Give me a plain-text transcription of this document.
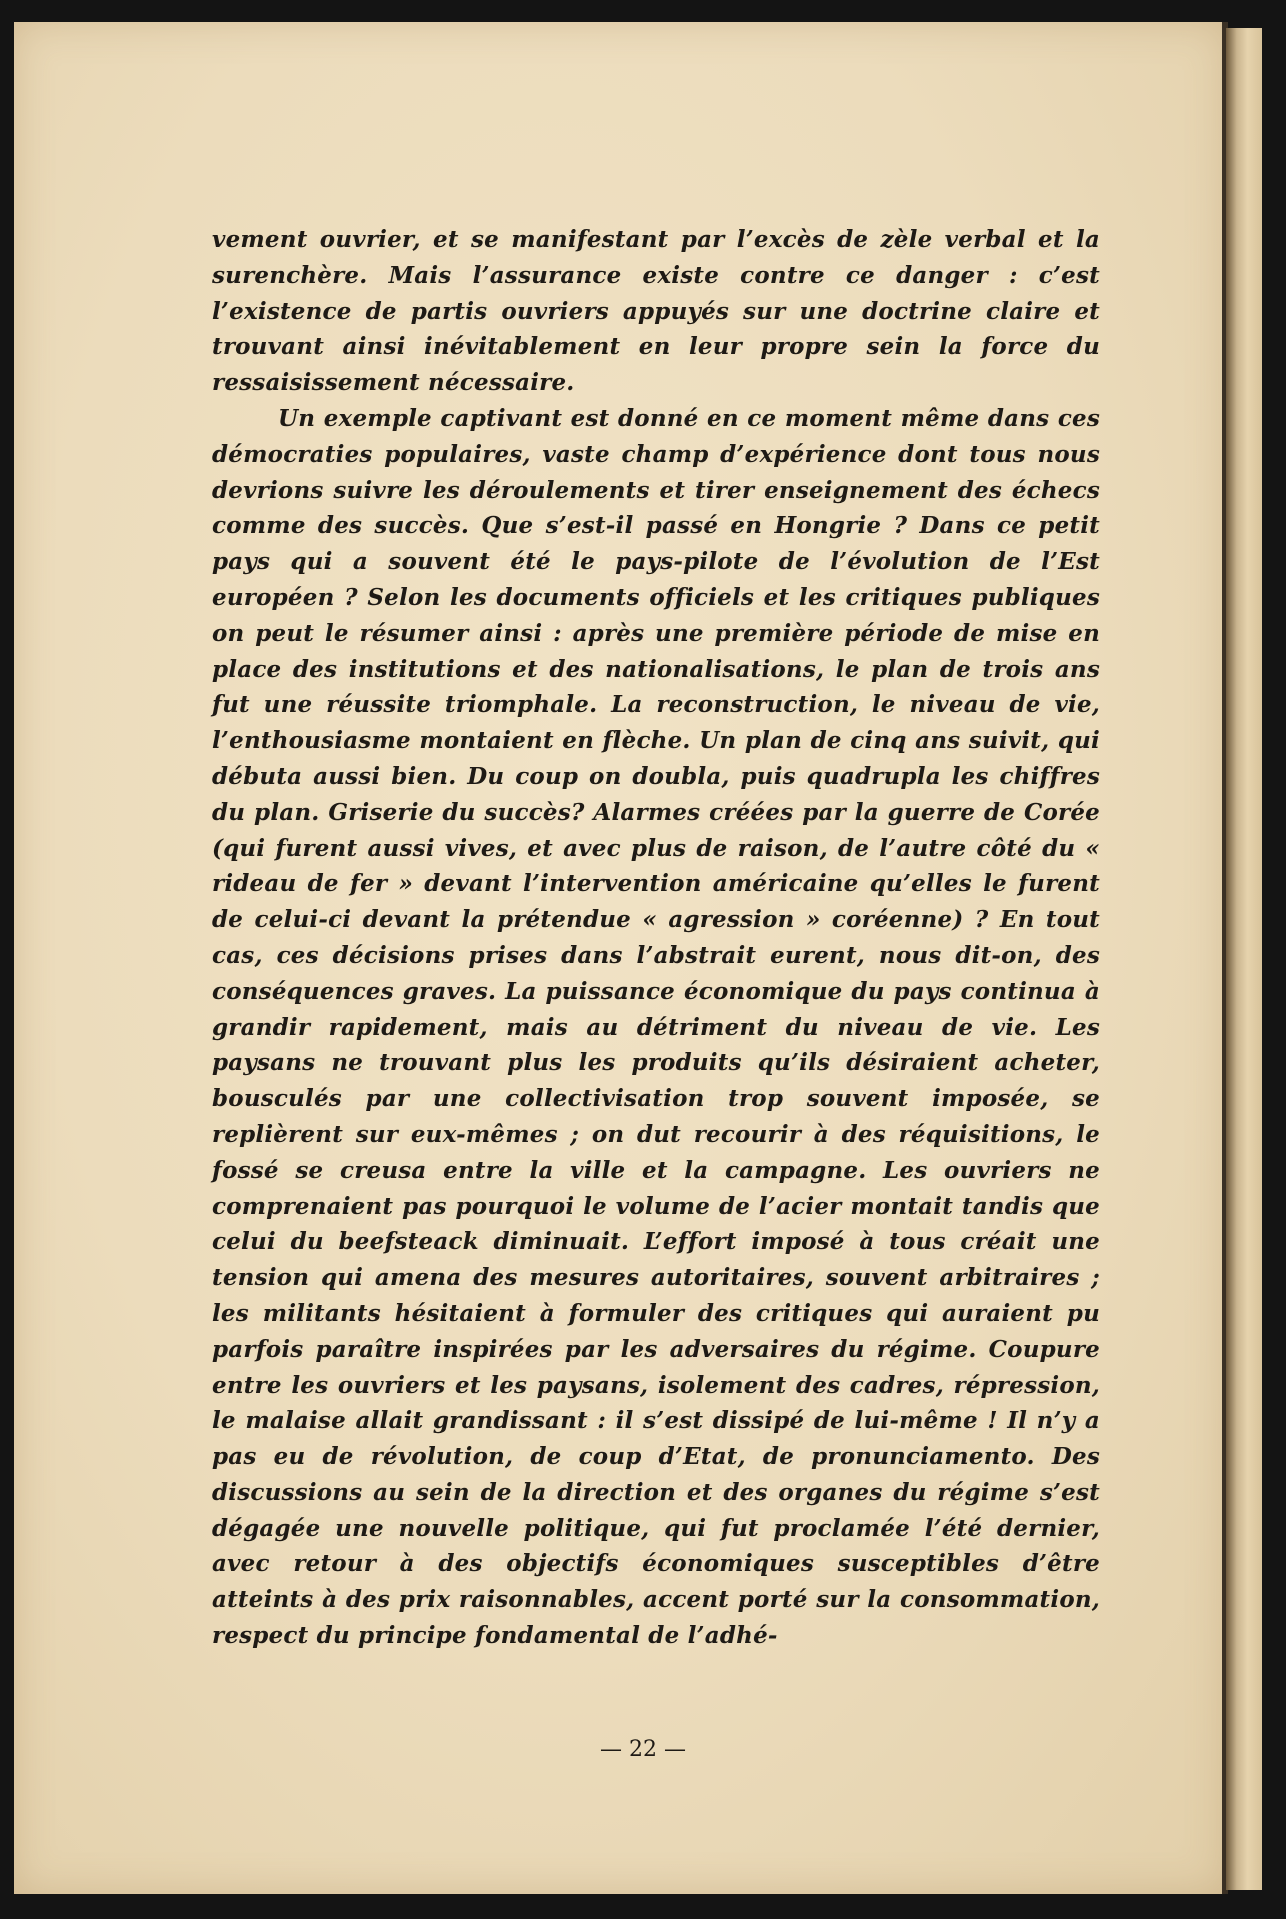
vement ouvrier, et se manifestant par l’excès de zèle verbal et la surenchère. Mais l’assurance existe contre ce danger : c’est l’existence de partis ouvriers appuyés sur une doctrine claire et trouvant ainsi inévitablement en leur propre sein la force du ressaisissement nécessaire.

Un exemple captivant est donné en ce moment même dans ces démocraties populaires, vaste champ d’expérience dont tous nous devrions suivre les déroulements et tirer enseignement des échecs comme des succès. Que s’est-il passé en Hongrie ? Dans ce petit pays qui a souvent été le pays-pilote de l’évolution de l’Est européen ? Selon les documents officiels et les critiques publiques on peut le résumer ainsi : après une première période de mise en place des institutions et des nationalisations, le plan de trois ans fut une réussite triomphale. La reconstruction, le niveau de vie, l’enthousiasme montaient en flèche. Un plan de cinq ans suivit, qui débuta aussi bien. Du coup on doubla, puis quadrupla les chiffres du plan. Griserie du succès? Alarmes créées par la guerre de Corée (qui furent aussi vives, et avec plus de raison, de l’autre côté du « rideau de fer » devant l’intervention américaine qu’elles le furent de celui-ci devant la prétendue « agression » coréenne) ? En tout cas, ces décisions prises dans l’abstrait eurent, nous dit-on, des conséquences graves. La puissance économique du pays continua à grandir rapidement, mais au détriment du niveau de vie. Les paysans ne trouvant plus les produits qu’ils désiraient acheter, bousculés par une collectivisation trop souvent imposée, se replièrent sur eux-mêmes ; on dut recourir à des réquisitions, le fossé se creusa entre la ville et la campagne. Les ouvriers ne comprenaient pas pourquoi le volume de l’acier montait tandis que celui du beefsteack diminuait. L’effort imposé à tous créait une tension qui amena des mesures autoritaires, souvent arbitraires ; les militants hésitaient à formuler des critiques qui auraient pu parfois paraître inspirées par les adversaires du régime. Coupure entre les ouvriers et les paysans, isolement des cadres, répression, le malaise allait grandissant : il s’est dissipé de lui-même ! Il n’y a pas eu de révolution, de coup d’Etat, de pronunciamento. Des discussions au sein de la direction et des organes du régime s’est dégagée une nouvelle politique, qui fut proclamée l’été dernier, avec retour à des objectifs économiques susceptibles d’être atteints à des prix raisonnables, accent porté sur la consommation, respect du principe fondamental de l’adhé-

— 22 —
